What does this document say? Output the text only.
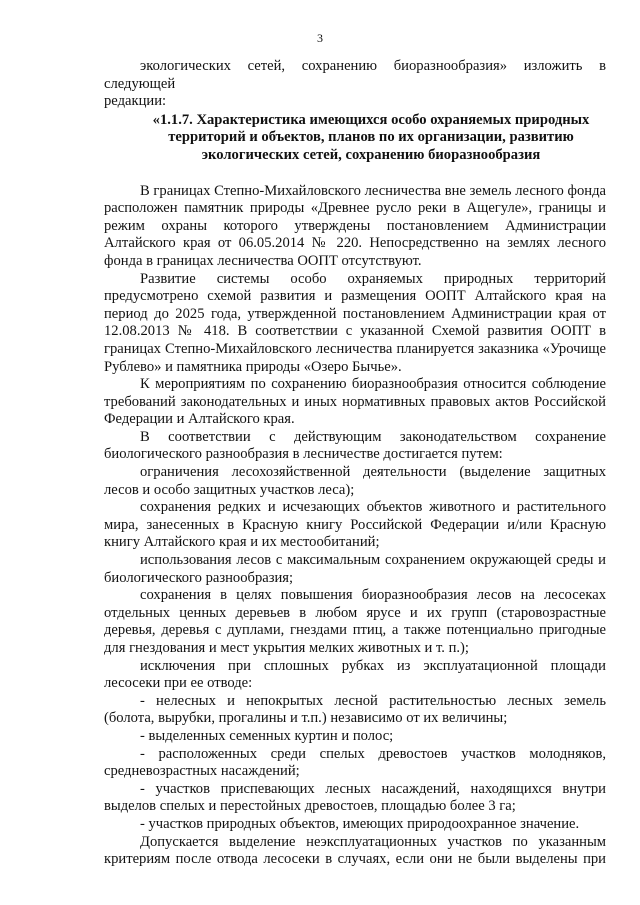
3

экологических сетей, сохранению биоразнообразия» изложить в следующей

редакции:

«1.1.7. Характеристика имеющихся особо охраняемых природных
территорий и объектов, планов по их организации, развитию
экологических сетей, сохранению биоразнообразия

В границах Степно-Михайловского лесничества вне земель лесного фонда расположен памятник природы «Древнее русло реки в Ащегуле», границы и режим охраны которого утверждены постановлением Администрации Алтайского края от 06.05.2014 № 220. Непосредственно на землях лесного фонда в границах лесничества ООПТ отсутствуют.

Развитие системы особо охраняемых природных территорий предусмотрено схемой развития и размещения ООПТ Алтайского края на период до 2025 года, утвержденной постановлением Администрации края от 12.08.2013 № 418. В соответствии с указанной Схемой развития ООПТ в границах Степно-Михайловского лесничества планируется заказника «Урочище Рублево» и памятника природы «Озеро Бычье».

К мероприятиям по сохранению биоразнообразия относится соблюдение требований законодательных и иных нормативных правовых актов Российской Федерации и Алтайского края.

В соответствии с действующим законодательством сохранение биологического разнообразия в лесничестве достигается путем:

ограничения лесохозяйственной деятельности (выделение защитных лесов и особо защитных участков леса);

сохранения редких и исчезающих объектов животного и растительного мира, занесенных в Красную книгу Российской Федерации и/или Красную книгу Алтайского края и их местообитаний;

использования лесов с максимальным сохранением окружающей среды и биологического разнообразия;

сохранения в целях повышения биоразнообразия лесов на лесосеках отдельных ценных деревьев в любом ярусе и их групп (старовозрастные деревья, деревья с дуплами, гнездами птиц, а также потенциально пригодные для гнездования и мест укрытия мелких животных и т. п.);

исключения при сплошных рубках из эксплуатационной площади лесосеки при ее отводе:

- нелесных и непокрытых лесной растительностью лесных земель (болота, вырубки, прогалины и т.п.) независимо от их величины;

- выделенных семенных куртин и полос;

- расположенных среди спелых древостоев участков молодняков, средневозрастных насаждений;

- участков приспевающих лесных насаждений, находящихся внутри выделов спелых и перестойных древостоев, площадью более 3 га;

- участков природных объектов, имеющих природоохранное значение.

Допускается выделение неэксплуатационных участков по указанным

критериям после отвода лесосеки в случаях, если они не были выделены при
